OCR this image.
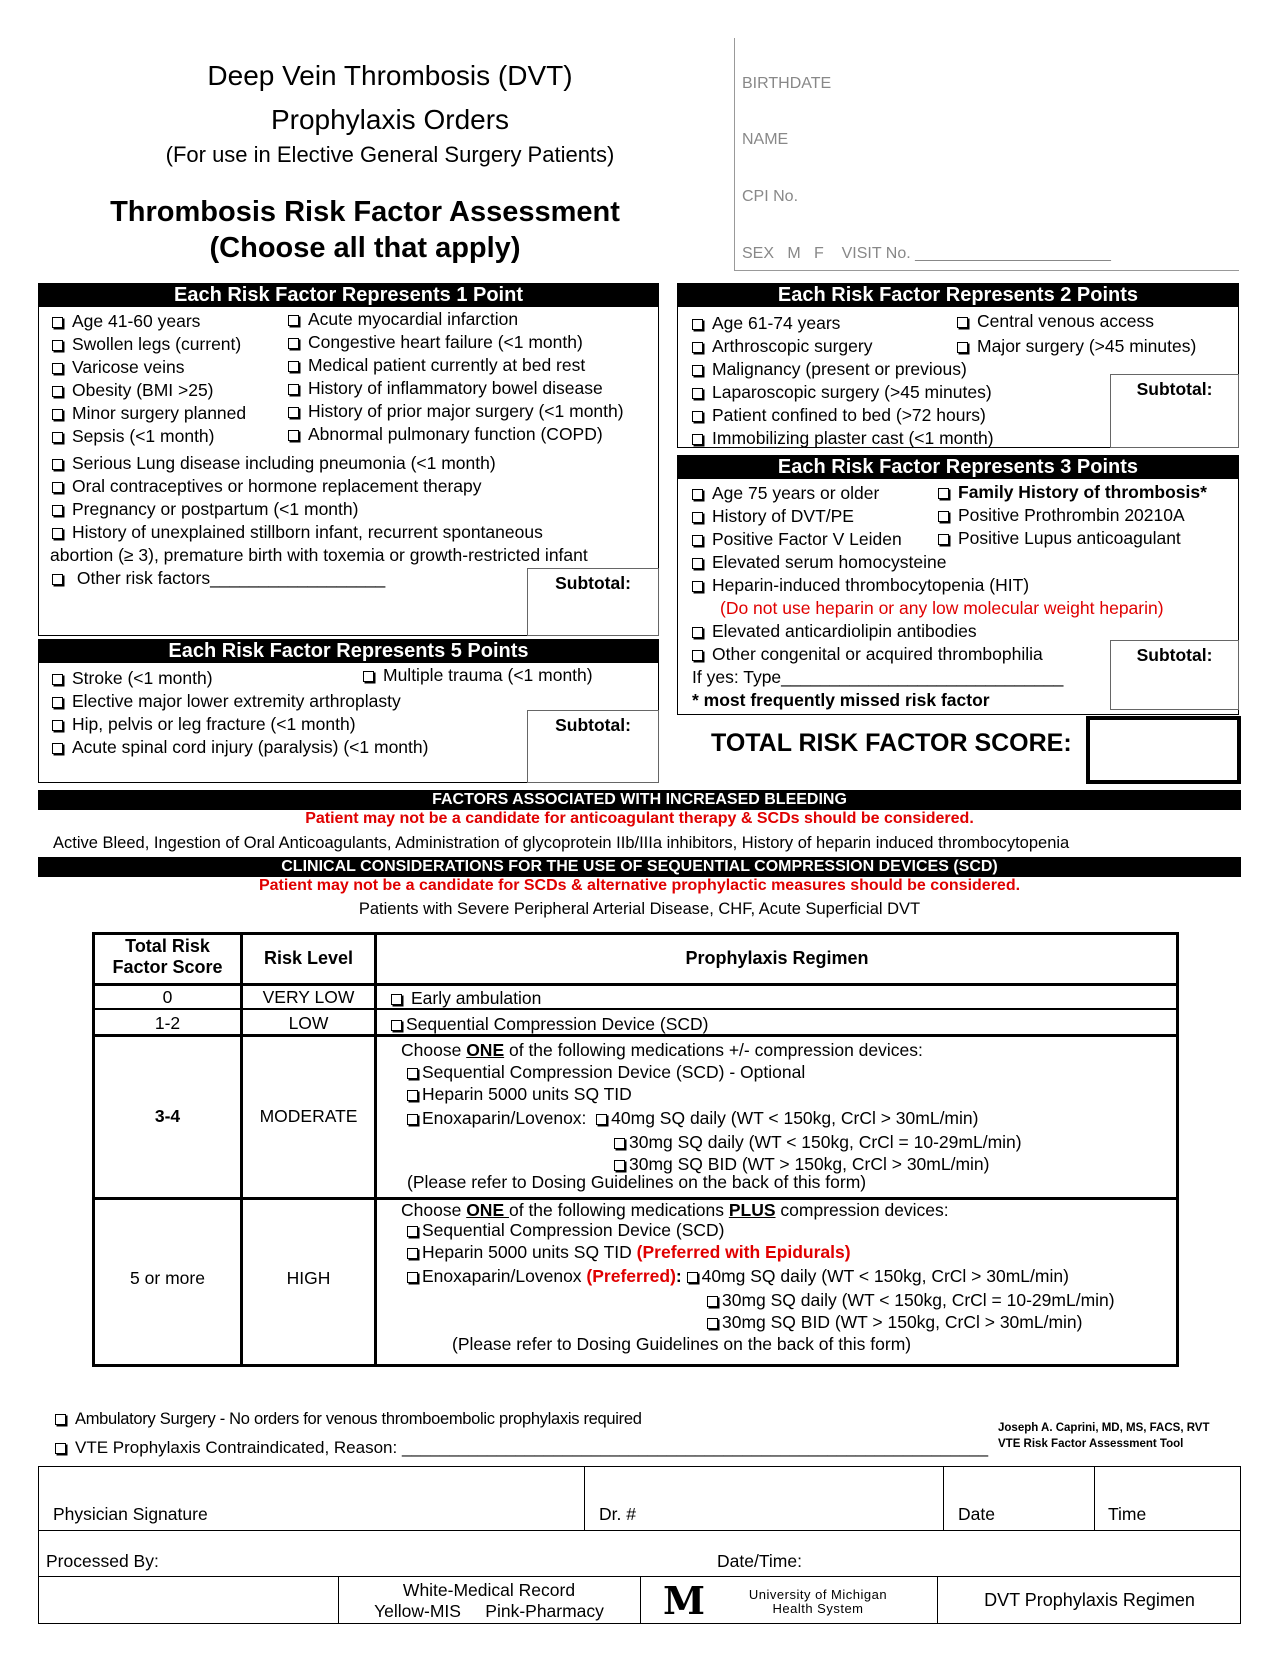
Deep Vein Thrombosis (DVT)
Prophylaxis Orders
(For use in Elective General Surgery Patients)
Thrombosis Risk Factor Assessment
(Choose all that apply)
BIRTHDATE
NAME
CPI No.
SEX M F VISIT No. ______________________
Each Risk Factor Represents 1 Point
Age 41-60 years
Swollen legs (current)
Varicose veins
Obesity (BMI >25)
Minor surgery planned
Sepsis (<1 month)
Acute myocardial infarction
Congestive heart failure (<1 month)
Medical patient currently at bed rest
History of inflammatory bowel disease
History of prior major surgery (<1 month)
Abnormal pulmonary function (COPD)
Serious Lung disease including pneumonia (<1 month)
Oral contraceptives or hormone replacement therapy
Pregnancy or postpartum (<1 month)
History of unexplained stillborn infant, recurrent spontaneous
abortion (≥ 3), premature birth with toxemia or growth-restricted infant
Other risk factors__________________	Subtotal:
Each Risk Factor Represents 5 Points
Stroke (<1 month)
Elective major lower extremity arthroplasty
Hip, pelvis or leg fracture (<1 month)
Acute spinal cord injury (paralysis) (<1 month)
Multiple trauma (<1 month)
Subtotal:
Each Risk Factor Represents 2 Points
Age 61-74 years
Arthroscopic surgery
Malignancy (present or previous)
Laparoscopic surgery (>45 minutes)
Patient confined to bed (>72 hours)
Immobilizing plaster cast (<1 month)
Central venous access
Major surgery (>45 minutes)
Subtotal:
Each Risk Factor Represents 3 Points
Age 75 years or older
History of DVT/PE
Positive Factor V Leiden
Elevated serum homocysteine
Heparin-induced thrombocytopenia (HIT)
(Do not use heparin or any low molecular weight heparin)
Elevated anticardiolipin antibodies
Other congenital or acquired thrombophilia
If yes: Type_____________________________
* most frequently missed risk factor
Family History of thrombosis*
Positive Prothrombin 20210A
Positive Lupus anticoagulant
Subtotal:
TOTAL RISK FACTOR SCORE:
FACTORS ASSOCIATED WITH INCREASED BLEEDING
Patient may not be a candidate for anticoagulant therapy & SCDs should be considered.
Active Bleed, Ingestion of Oral Anticoagulants, Administration of glycoprotein IIb/IIIa inhibitors, History of heparin induced thrombocytopenia
CLINICAL CONSIDERATIONS FOR THE USE OF SEQUENTIAL COMPRESSION DEVICES (SCD)
Patient may not be a candidate for SCDs & alternative prophylactic measures should be considered.
Patients with Severe Peripheral Arterial Disease, CHF, Acute Superficial DVT
Total Risk
Factor Score	Risk Level	Prophylaxis Regimen
0	VERY LOW	Early ambulation
1-2	LOW	Sequential Compression Device (SCD)
3-4	MODERATE
Choose ONE of the following medications +/- compression devices:
Sequential Compression Device (SCD) - Optional
Heparin 5000 units SQ TID
Enoxaparin/Lovenox: 40mg SQ daily (WT < 150kg, CrCl > 30mL/min)
30mg SQ daily (WT < 150kg, CrCl = 10-29mL/min)
30mg SQ BID (WT > 150kg, CrCl > 30mL/min)
(Please refer to Dosing Guidelines on the back of this form)
5 or more	HIGH
Choose ONE of the following medications PLUS compression devices:
Sequential Compression Device (SCD)
Heparin 5000 units SQ TID (Preferred with Epidurals)
Enoxaparin/Lovenox (Preferred): 40mg SQ daily (WT < 150kg, CrCl > 30mL/min)
30mg SQ daily (WT < 150kg, CrCl = 10-29mL/min)
30mg SQ BID (WT > 150kg, CrCl > 30mL/min)
(Please refer to Dosing Guidelines on the back of this form)
Ambulatory Surgery - No orders for venous thromboembolic prophylaxis required
VTE Prophylaxis Contraindicated, Reason: ______________________________________________________________
Joseph A. Caprini, MD, MS, FACS, RVT
VTE Risk Factor Assessment Tool
Physician Signature	Dr. #	Date	Time
Processed By:	Date/Time:
White-Medical Record
Yellow-MIS     Pink-Pharmacy	M	University of Michigan
Health System	DVT Prophylaxis Regimen
